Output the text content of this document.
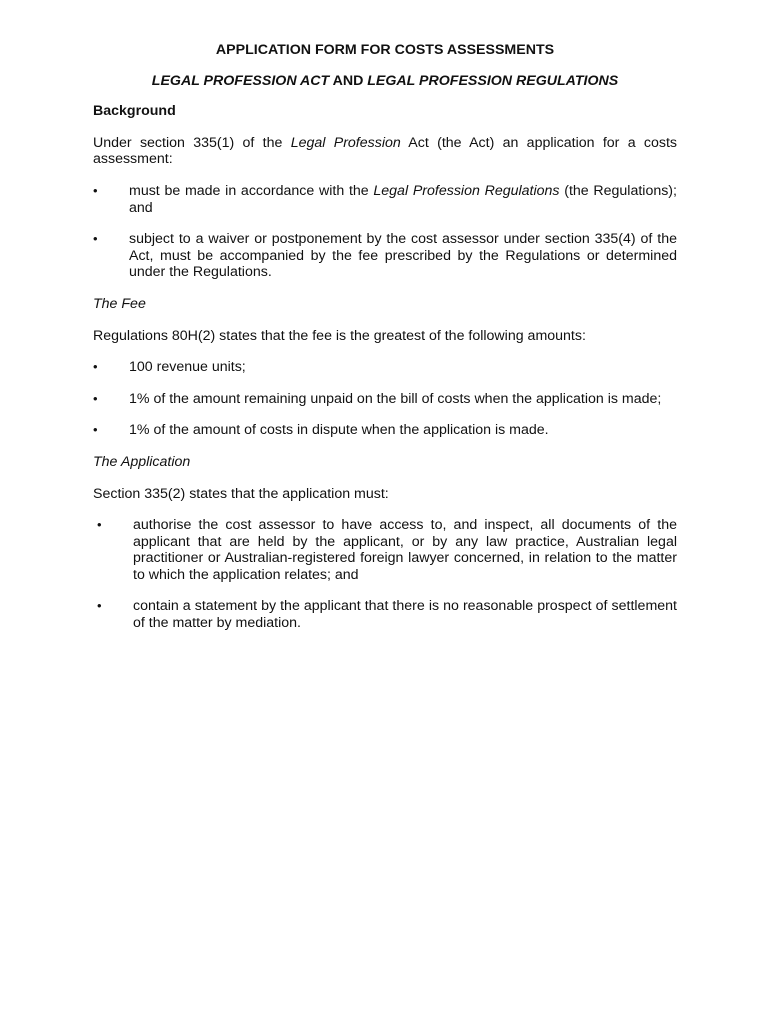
APPLICATION FORM FOR COSTS ASSESSMENTS
LEGAL PROFESSION ACT AND LEGAL PROFESSION REGULATIONS
Background

Under section 335(1) of the Legal Profession Act (the Act) an application for a costs assessment:

• must be made in accordance with the Legal Profession Regulations (the Regulations); and
• subject to a waiver or postponement by the cost assessor under section 335(4) of the Act, must be accompanied by the fee prescribed by the Regulations or determined under the Regulations.
The Fee

Regulations 80H(2) states that the fee is the greatest of the following amounts:

• 100 revenue units;
• 1% of the amount remaining unpaid on the bill of costs when the application is made;
• 1% of the amount of costs in dispute when the application is made.
The Application

Section 335(2) states that the application must:

• authorise the cost assessor to have access to, and inspect, all documents of the applicant that are held by the applicant, or by any law practice, Australian legal practitioner or Australian-registered foreign lawyer concerned, in relation to the matter to which the application relates; and
• contain a statement by the applicant that there is no reasonable prospect of settlement of the matter by mediation.
